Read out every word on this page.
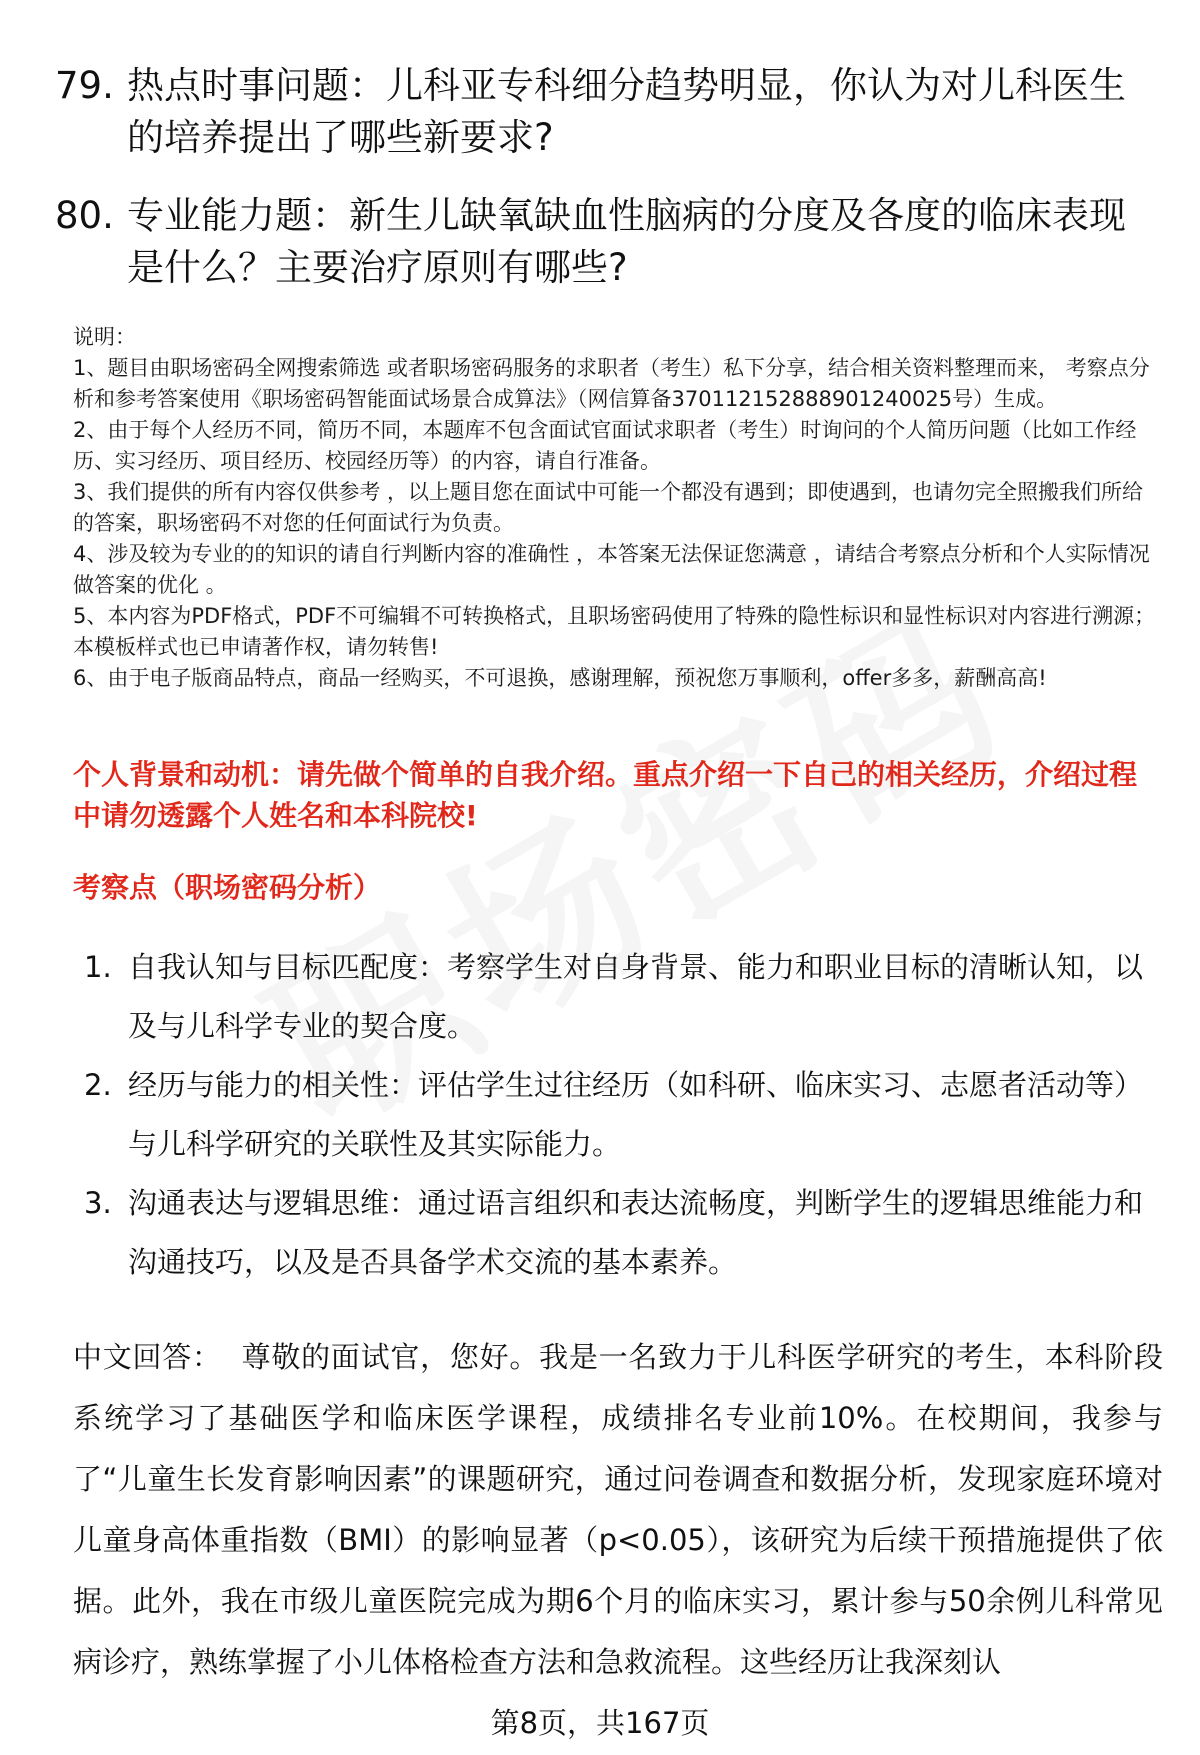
79. 热点时事问题：儿科亚专科细分趋势明显，你认为对儿科医生的培养提出了哪些新要求?
80. 专业能力题：新生儿缺氧缺血性脑病的分度及各度的临床表现是什么？主要治疗原则有哪些?

说明：

1、题目由职场密码全网搜索筛选 或者职场密码服务的求职者（考生）私下分享，结合相关资料整理而来， 考察点分析和参考答案使用《职场密码智能面试场景合成算法》（网信算备370112152888901240025号）生成。

2、由于每个人经历不同，简历不同，本题库不包含面试官面试求职者（考生）时询问的个人简历问题（比如工作经历、实习经历、项目经历、校园经历等）的内容，请自行准备。

3、我们提供的所有内容仅供参考 ，以上题目您在面试中可能一个都没有遇到；即使遇到，也请勿完全照搬我们所给的答案，职场密码不对您的任何面试行为负责。

4、涉及较为专业的的知识的请自行判断内容的准确性 ，本答案无法保证您满意 ，请结合考察点分析和个人实际情况做答案的优化 。

5、本内容为PDF格式，PDF不可编辑不可转换格式，且职场密码使用了特殊的隐性标识和显性标识对内容进行溯源；本模板样式也已申请著作权，请勿转售!

6、由于电子版商品特点，商品一经购买，不可退换，感谢理解，预祝您万事顺利，offer多多，薪酬高高!

个人背景和动机：请先做个简单的自我介绍。重点介绍一下自己的相关经历，介绍过程中请勿透露个人姓名和本科院校!
考察点（职场密码分析）
1. 自我认知与目标匹配度：考察学生对自身背景、能力和职业目标的清晰认知，以及与儿科学专业的契合度。
2. 经历与能力的相关性：评估学生过往经历（如科研、临床实习、志愿者活动等）与儿科学研究的关联性及其实际能力。
3. 沟通表达与逻辑思维：通过语言组织和表达流畅度，判断学生的逻辑思维能力和沟通技巧，以及是否具备学术交流的基本素养。
中文回答：  尊敬的面试官，您好。我是一名致力于儿科医学研究的考生，本科阶段系统学习了基础医学和临床医学课程，成绩排名专业前10%。在校期间，我参与了“儿童生长发育影响因素”的课题研究，通过问卷调查和数据分析，发现家庭环境对儿童身高体重指数（BMI）的影响显著（p<0.05），该研究为后续干预措施提供了依据。此外，我在市级儿童医院完成为期6个月的临床实习，累计参与50余例儿科常见病诊疗，熟练掌握了小儿体格检查方法和急救流程。这些经历让我深刻认
第8页，共167页
